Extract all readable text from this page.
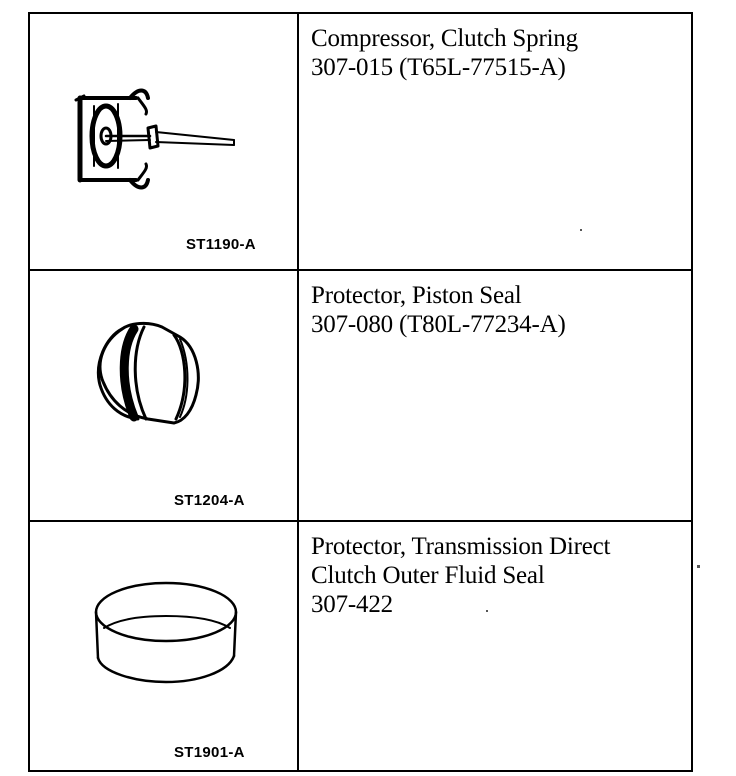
ST1190-A
Compressor, Clutch Spring
307-015 (T65L-77515-A)
ST1204-A
Protector, Piston Seal
307-080 (T80L-77234-A)
ST1901-A
Protector, Transmission Direct
Clutch Outer Fluid Seal
307-422
